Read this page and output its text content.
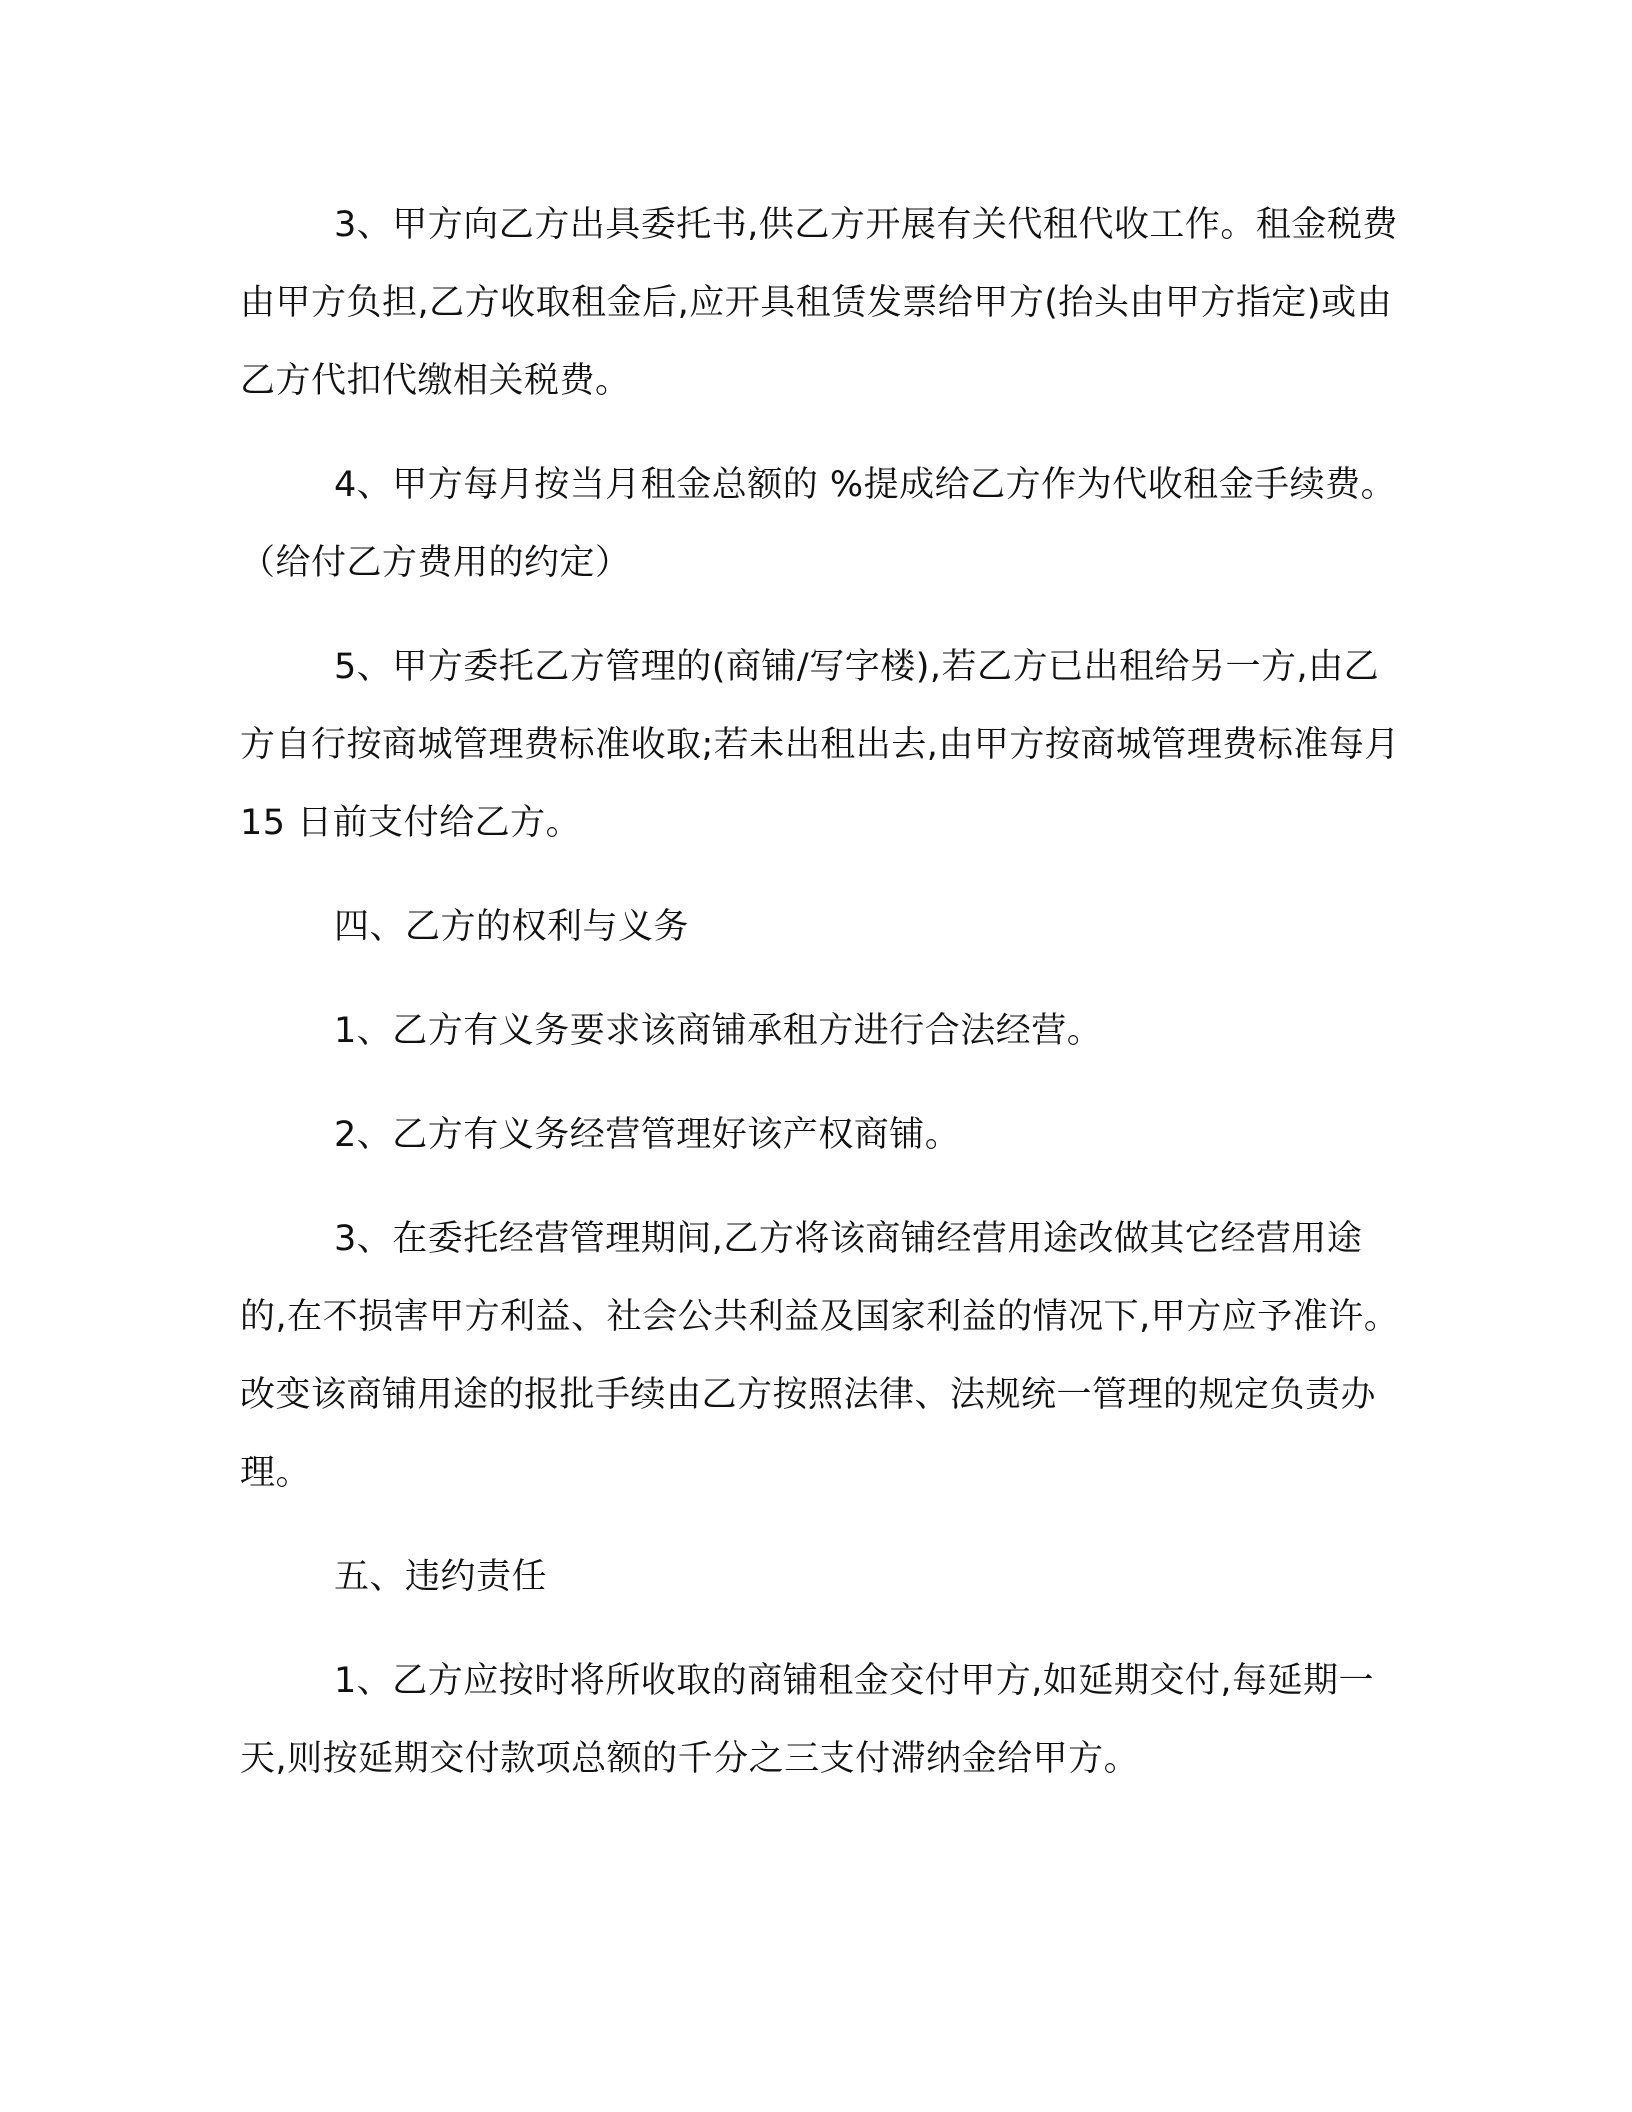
3、甲方向乙方出具委托书,供乙方开展有关代租代收工作。租金税费由甲方负担,乙方收取租金后,应开具租赁发票给甲方(抬头由甲方指定)或由乙方代扣代缴相关税费。

4、甲方每月按当月租金总额的 %提成给乙方作为代收租金手续费。（给付乙方费用的约定）

5、甲方委托乙方管理的(商铺/写字楼),若乙方已出租给另一方,由乙方自行按商城管理费标准收取;若未出租出去,由甲方按商城管理费标准每月 15 日前支付给乙方。

四、乙方的权利与义务

1、乙方有义务要求该商铺承租方进行合法经营。

2、乙方有义务经营管理好该产权商铺。

3、在委托经营管理期间,乙方将该商铺经营用途改做其它经营用途的,在不损害甲方利益、社会公共利益及国家利益的情况下,甲方应予准许。改变该商铺用途的报批手续由乙方按照法律、法规统一管理的规定负责办理。

五、违约责任

1、乙方应按时将所收取的商铺租金交付甲方,如延期交付,每延期一天,则按延期交付款项总额的千分之三支付滞纳金给甲方。
